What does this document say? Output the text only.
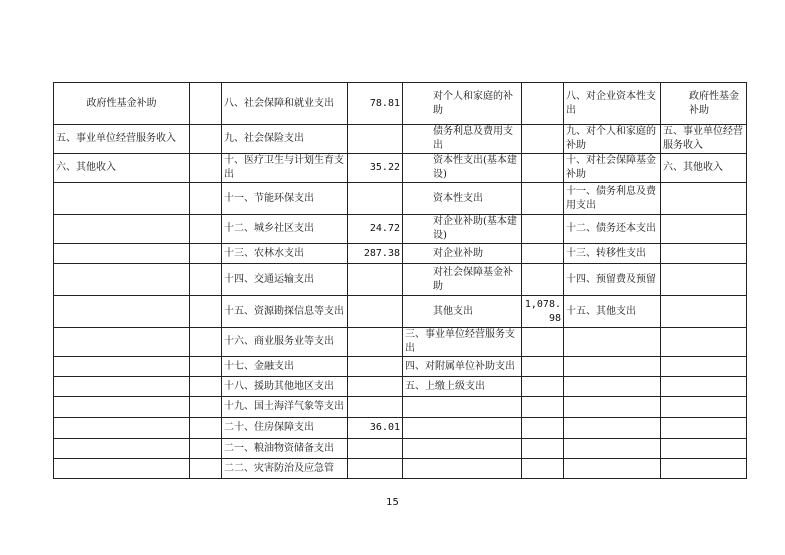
政府性基金补助		八、社会保障和就业支出	78.81	对个人和家庭的补助		八、对企业资本性支出	政府性基金补助
五、事业单位经营服务收入		九、社会保险支出		债务利息及费用支出		九、对个人和家庭的补助	五、事业单位经营服务收入
六、其他收入		十、医疗卫生与计划生育支出	35.22	资本性支出(基本建设)		十、对社会保障基金补助	六、其他收入
		十一、节能环保支出		资本性支出		十一、债务利息及费用支出	
		十二、城乡社区支出	24.72	对企业补助(基本建设)		十二、债务还本支出	
		十三、农林水支出	287.38	对企业补助		十三、转移性支出	
		十四、交通运输支出		对社会保障基金补助		十四、预留费及预留	
		十五、资源勘探信息等支出		其他支出	1,078.98	十五、其他支出	
		十六、商业服务业等支出		三、事业单位经营服务支出			
		十七、金融支出		四、对附属单位补助支出			
		十八、援助其他地区支出		五、上缴上级支出			
		十九、国土海洋气象等支出					
		二十、住房保障支出	36.01				
		二一、粮油物资储备支出					
		二二、灾害防治及应急管					
15
